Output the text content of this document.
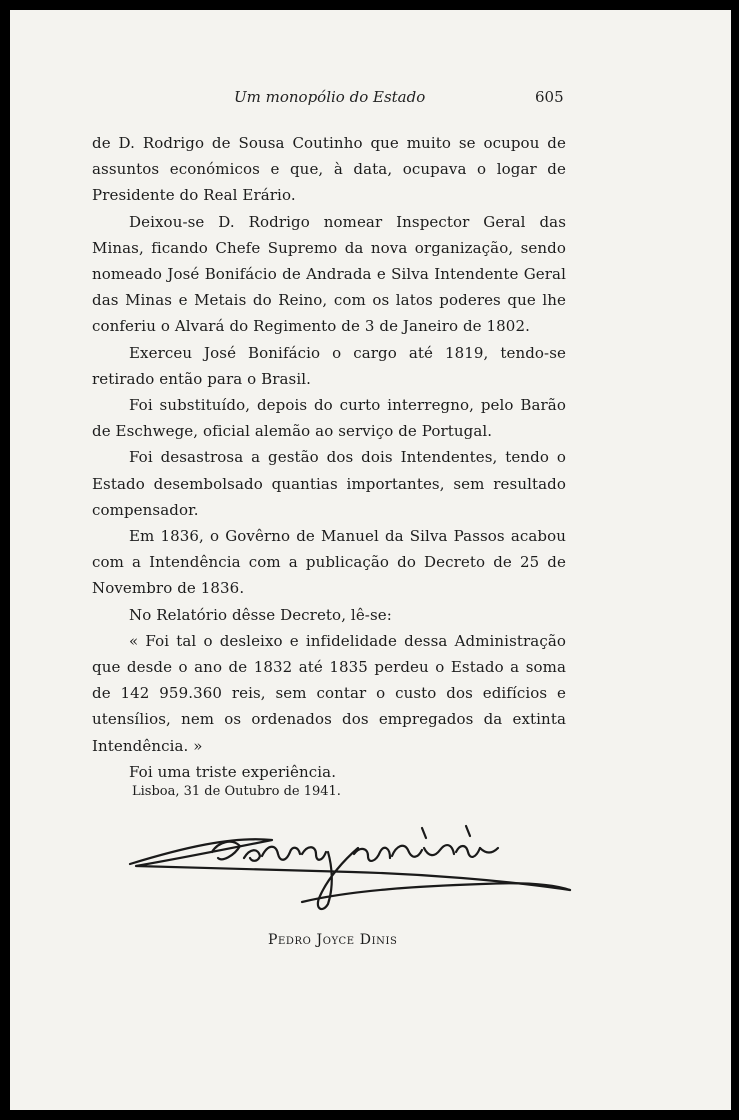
Um monopólio do Estado	605

de D. Rodrigo de Sousa Coutinho que muito se ocupou de assuntos económicos e que, à data, ocupava o logar de Presidente do Real Erário.

Deixou-se D. Rodrigo nomear Inspector Geral das Minas, ficando Chefe Supremo da nova organização, sendo nomeado José Bonifácio de Andrada e Silva Intendente Geral das Minas e Metais do Reino, com os latos poderes que lhe conferiu o Alvará do Regimento de 3 de Janeiro de 1802.

Exerceu José Bonifácio o cargo até 1819, tendo-se retirado então para o Brasil.

Foi substituído, depois do curto interregno, pelo Barão de Eschwege, oficial alemão ao serviço de Portugal.

Foi desastrosa a gestão dos dois Intendentes, tendo o Estado desembolsado quantias importantes, sem resultado compensador.

Em 1836, o Govêrno de Manuel da Silva Passos acabou com a Intendência com a publicação do Decreto de 25 de Novembro de 1836.

No Relatório dêsse Decreto, lê-se:

« Foi tal o desleixo e infidelidade dessa Administração que desde o ano de 1832 até 1835 perdeu o Estado a soma de 142 959.360 reis, sem contar o custo dos edifícios e utensílios, nem os ordenados dos empregados da extinta Intendência. »

Foi uma triste experiência.

Lisboa, 31 de Outubro de 1941.
Pedro Joyce Dinis
